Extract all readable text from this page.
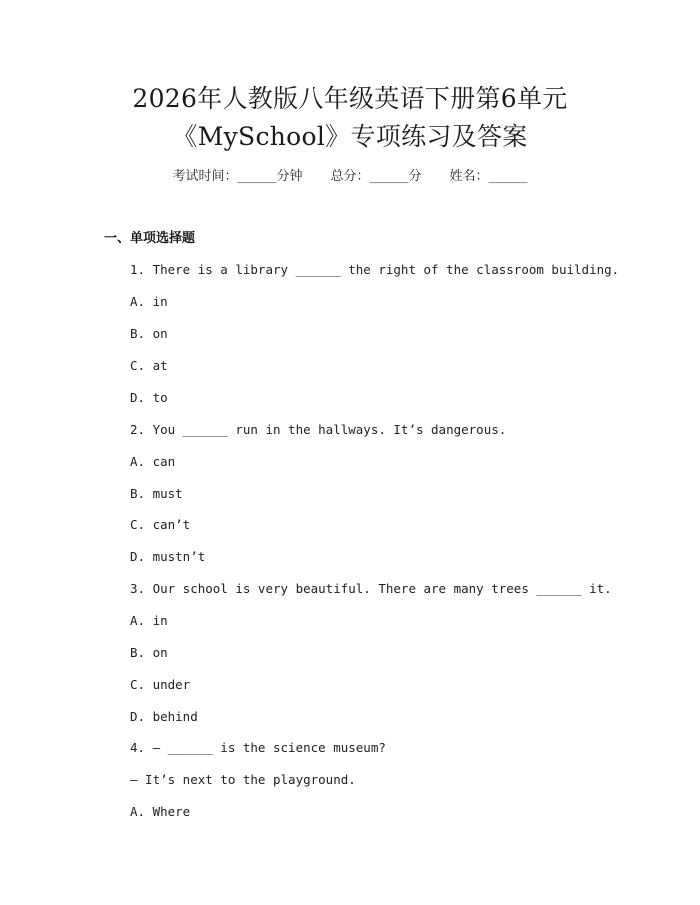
2026年人教版八年级英语下册第6单元
《MySchool》专项练习及答案
考试时间：______分钟 总分：______分 姓名：______
一、单项选择题
1. There is a library ______ the right of the classroom building.
A. in
B. on
C. at
D. to
2. You ______ run in the hallways. It’s dangerous.
A. can
B. must
C. can’t
D. mustn’t
3. Our school is very beautiful. There are many trees ______ it.
A. in
B. on
C. under
D. behind
4. — ______ is the science museum?
— It’s next to the playground.
A. Where
